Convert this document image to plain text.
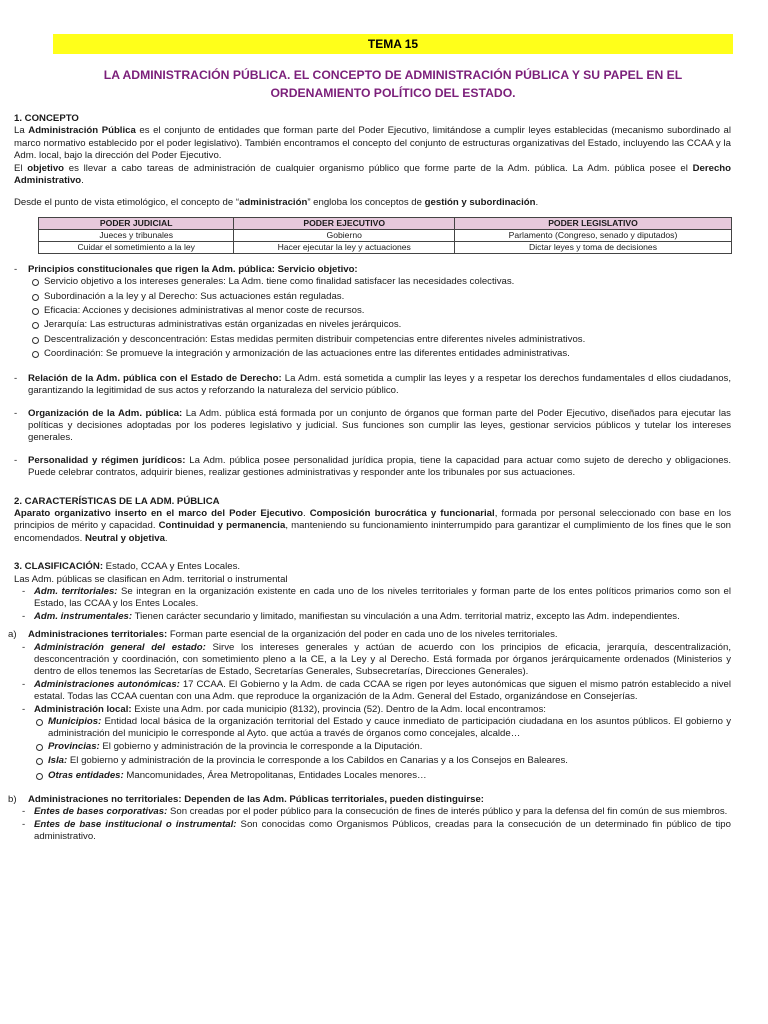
TEMA 15
LA ADMINISTRACIÓN PÚBLICA. EL CONCEPTO DE ADMINISTRACIÓN PÚBLICA Y SU PAPEL EN EL ORDENAMIENTO POLÍTICO DEL ESTADO.

1. CONCEPTO

La Administración Pública es el conjunto de entidades que forman parte del Poder Ejecutivo, limitándose a cumplir leyes establecidas (mecanismo subordinado al marco normativo establecido por el poder legislativo). También encontramos el concepto del conjunto de estructuras organizativas del Estado, incluyendo las CCAA y la Adm. local, bajo la dirección del Poder Ejecutivo.

El objetivo es llevar a cabo tareas de administración de cualquier organismo público que forme parte de la Adm. pública. La Adm. pública posee el Derecho Administrativo.

Desde el punto de vista etimológico, el concepto de “administración” engloba los conceptos de gestión y subordinación.

PODER JUDICIAL	PODER EJECUTIVO	PODER LEGISLATIVO
Jueces y tribunales	Gobierno	Parlamento (Congreso, senado y diputados)
Cuidar el sometimiento a la ley	Hacer ejecutar la ley y actuaciones	Dictar leyes y toma de decisiones
-	Principios constitucionales que rigen la Adm. pública: Servicio objetivo:
Servicio objetivo a los intereses generales: La Adm. tiene como finalidad satisfacer las necesidades colectivas.
Subordinación a la ley y al Derecho: Sus actuaciones están reguladas.
Eficacia: Acciones y decisiones administrativas al menor coste de recursos.
Jerarquía: Las estructuras administrativas están organizadas en niveles jerárquicos.
Descentralización y desconcentración: Estas medidas permiten distribuir competencias entre diferentes niveles administrativos.
Coordinación: Se promueve la integración y armonización de las actuaciones entre las diferentes entidades administrativas.
-	Relación de la Adm. pública con el Estado de Derecho: La Adm. está sometida a cumplir las leyes y a respetar los derechos fundamentales d ellos ciudadanos, garantizando la legitimidad de sus actos y reforzando la naturaleza del servicio público.
-	Organización de la Adm. pública: La Adm. pública está formada por un conjunto de órganos que forman parte del Poder Ejecutivo, diseñados para ejecutar las políticas y decisiones adoptadas por los poderes legislativo y judicial. Sus funciones son cumplir las leyes, gestionar servicios públicos y tutelar los intereses generales.
-	Personalidad y régimen jurídicos: La Adm. pública posee personalidad jurídica propia, tiene la capacidad para actuar como sujeto de derecho y obligaciones. Puede celebrar contratos, adquirir bienes, realizar gestiones administrativas y responder ante los tribunales por sus actuaciones.

2. CARACTERÍSTICAS DE LA ADM. PÚBLICA

Aparato organizativo inserto en el marco del Poder Ejecutivo. Composición burocrática y funcionarial, formada por personal seleccionado con base en los principios de mérito y capacidad. Continuidad y permanencia, manteniendo su funcionamiento ininterrumpido para garantizar el cumplimiento de los fines que le son encomendados. Neutral y objetiva.

3. CLASIFICACIÓN: Estado, CCAA y Entes Locales.

Las Adm. públicas se clasifican en Adm. territorial o instrumental

- Adm. territoriales: Se integran en la organización existente en cada uno de los niveles territoriales y forman parte de los entes políticos primarios como son el Estado, las CCAA y los Entes Locales.
- Adm. instrumentales: Tienen carácter secundario y limitado, manifiestan su vinculación a una Adm. territorial matriz, excepto las Adm. independientes.
a)	Administraciones territoriales: Forman parte esencial de la organización del poder en cada uno de los niveles territoriales.
- Administración general del estado: Sirve los intereses generales y actúan de acuerdo con los principios de eficacia, jerarquía, descentralización, desconcentración y coordinación, con sometimiento pleno a la CE, a la Ley y al Derecho. Está formada por órganos jerárquicamente ordenados (Ministerios y dentro de ellos tenemos las Secretarías de Estado, Secretarías Generales, Subsecretarías, Direcciones Generales).
- Administraciones autonómicas: 17 CCAA. El Gobierno y la Adm. de cada CCAA se rigen por leyes autonómicas que siguen el mismo patrón establecido a nivel estatal. Todas las CCAA cuentan con una Adm. que reproduce la organización de la Adm. General del Estado, organizándose en Consejerías.
- Administración local: Existe una Adm. por cada municipio (8132), provincia (52). Dentro de la Adm. local encontramos:
Municipios: Entidad local básica de la organización territorial del Estado y cauce inmediato de participación ciudadana en los asuntos públicos. El gobierno y administración del municipio le corresponde al Ayto. que actúa a través de órganos como concejales, alcalde…
Provincias: El gobierno y administración de la provincia le corresponde a la Diputación.
Isla: El gobierno y administración de la provincia le corresponde a los Cabildos en Canarias y a los Consejos en Baleares.
Otras entidades: Mancomunidades, Área Metropolitanas, Entidades Locales menores…
b)	Administraciones no territoriales: Dependen de las Adm. Públicas territoriales, pueden distinguirse:
- Entes de bases corporativas: Son creadas por el poder público para la consecución de fines de interés público y para la defensa del fin común de sus miembros.
- Entes de base institucional o instrumental: Son conocidas como Organismos Públicos, creadas para la consecución de un determinado fin público de tipo administrativo.
